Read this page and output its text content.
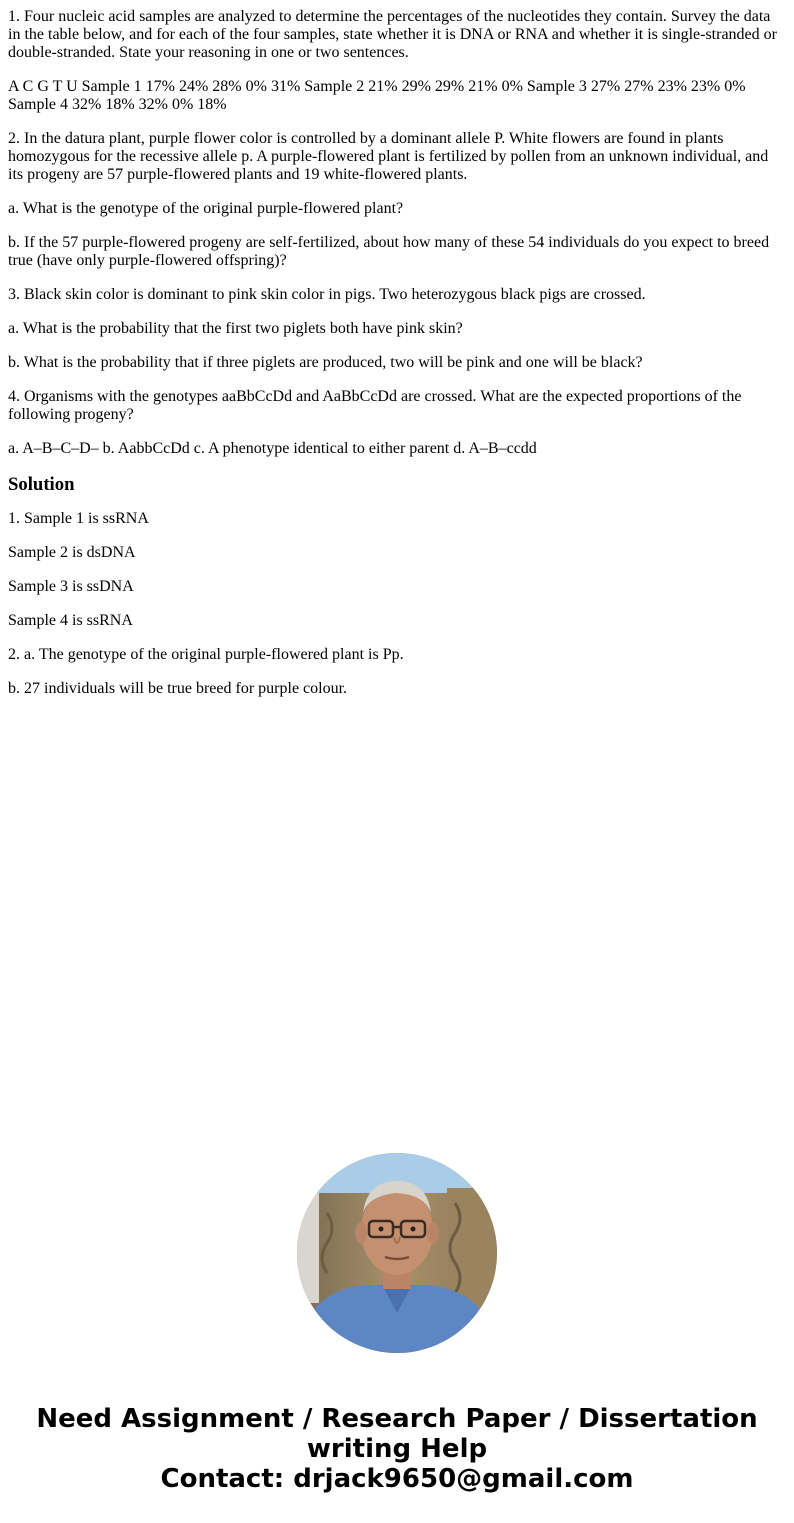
1. Four nucleic acid samples are analyzed to determine the percentages of the nucleotides they contain. Survey the data in the table below, and for each of the four samples, state whether it is DNA or RNA and whether it is single-stranded or double-stranded. State your reasoning in one or two sentences.

A C G T U Sample 1 17% 24% 28% 0% 31% Sample 2 21% 29% 29% 21% 0% Sample 3 27% 27% 23% 23% 0% Sample 4 32% 18% 32% 0% 18%

2. In the datura plant, purple flower color is controlled by a dominant allele P. White flowers are found in plants homozygous for the recessive allele p. A purple-flowered plant is fertilized by pollen from an unknown individual, and its progeny are 57 purple-flowered plants and 19 white-flowered plants.

a. What is the genotype of the original purple-flowered plant?

b. If the 57 purple-flowered progeny are self-fertilized, about how many of these 54 individuals do you expect to breed true (have only purple-flowered offspring)?

3. Black skin color is dominant to pink skin color in pigs. Two heterozygous black pigs are crossed.

a. What is the probability that the first two piglets both have pink skin?

b. What is the probability that if three piglets are produced, two will be pink and one will be black?

4. Organisms with the genotypes aaBbCcDd and AaBbCcDd are crossed. What are the expected proportions of the following progeny?

a. A–B–C–D– b. AabbCcDd c. A phenotype identical to either parent d. A–B–ccdd

Solution

1. Sample 1 is ssRNA

Sample 2 is dsDNA

Sample 3 is ssDNA

Sample 4 is ssRNA

2. a. The genotype of the original purple-flowered plant is Pp.

b. 27 individuals will be true breed for purple colour.

Need Assignment / Research Paper / Dissertation
writing Help
Contact: drjack9650@gmail.com
